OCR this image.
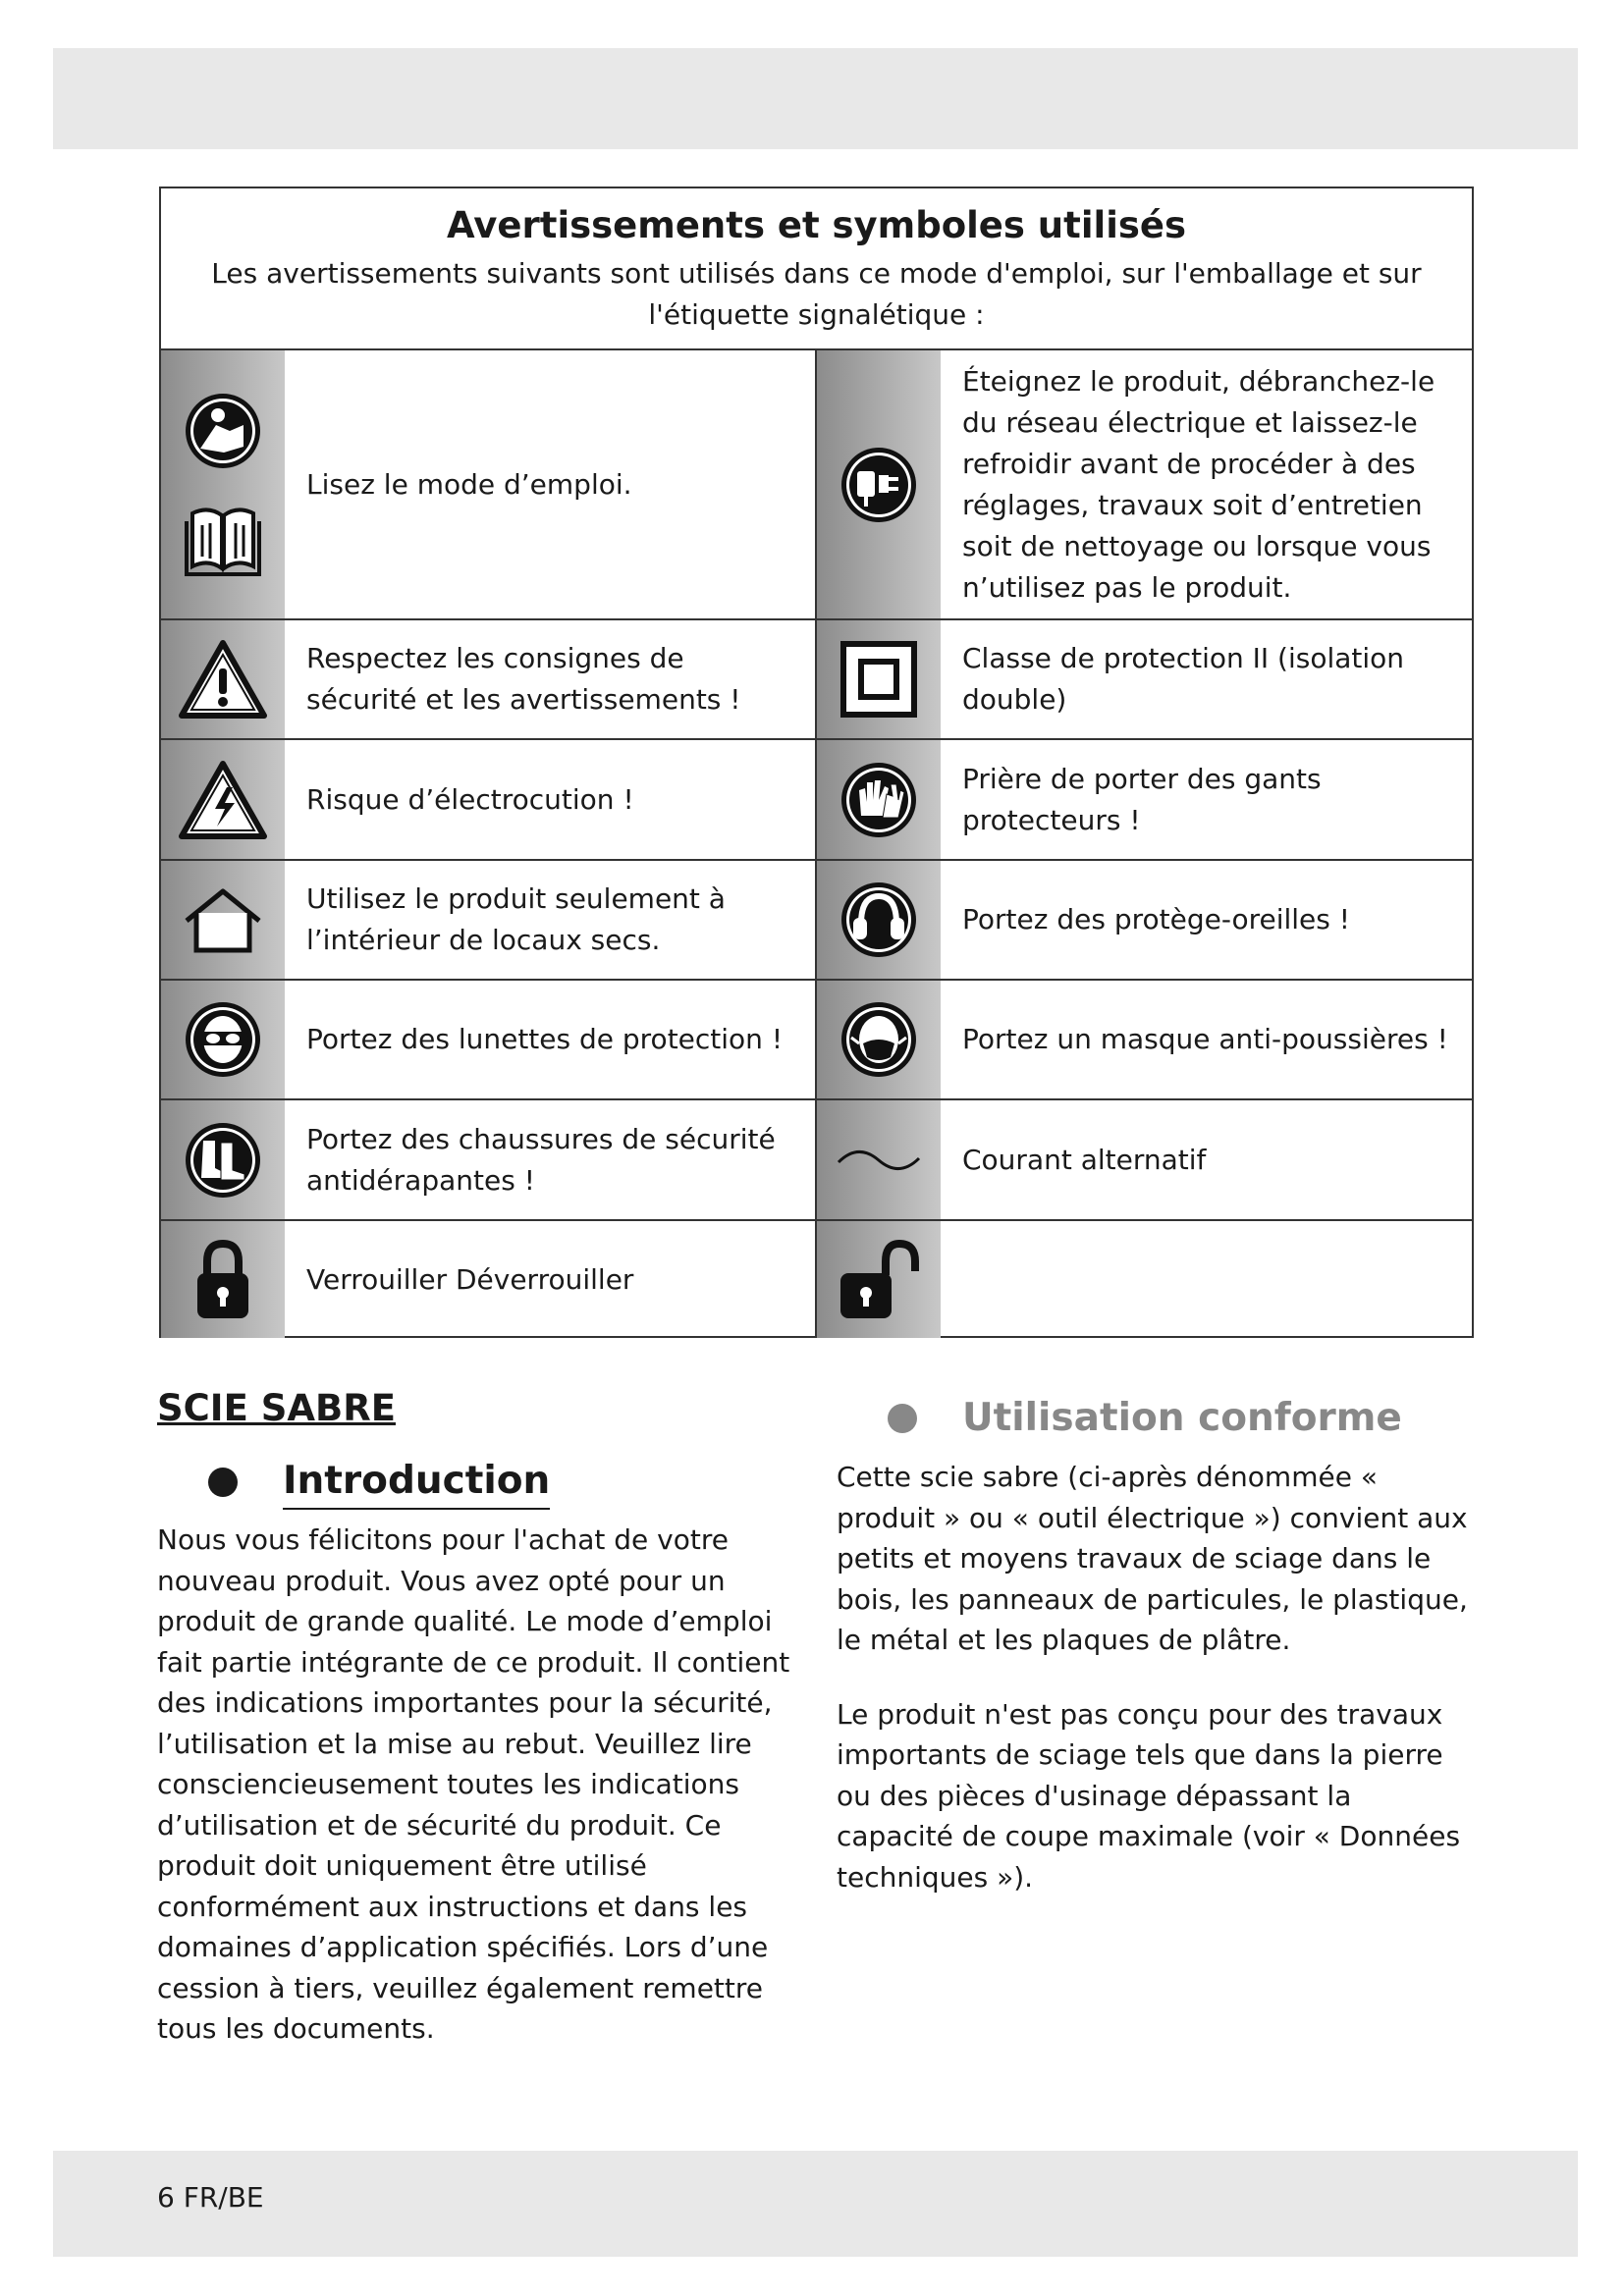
Avertissements et symboles utilisés
Les avertissements suivants sont utilisés dans ce mode d'emploi, sur l'emballage et sur l'étiquette signalétique :
Lisez le mode d’emploi.
Éteignez le produit, débranchez-le du réseau électrique et laissez-le refroidir avant de procéder à des réglages, travaux soit d’entretien soit de nettoyage ou lorsque vous n’utilisez pas le produit.
Respectez les consignes de sécurité et les avertissements !
Classe de protection II (isolation double)
Risque d’électrocution !
Prière de porter des gants protecteurs !
Utilisez le produit seulement à l’intérieur de locaux secs.
Portez des protège-oreilles !
Portez des lunettes de protection !	Portez un masque anti-poussières !
Portez des chaussures de sécurité antidérapantes !
Courant alternatif
Verrouiller Déverrouiller
SCIE SABRE
Introduction

Nous vous félicitons pour l'achat de votre nouveau produit. Vous avez opté pour un produit de grande qualité. Le mode d’emploi fait partie intégrante de ce produit. Il contient des indications importantes pour la sécurité, l’utilisation et la mise au rebut. Veuillez lire consciencieusement toutes les indications d’utilisation et de sécurité du produit. Ce produit doit uniquement être utilisé conformément aux instructions et dans les domaines d’application spécifiés. Lors d’une cession à tiers, veuillez également remettre tous les documents.

Utilisation conforme

Cette scie sabre (ci-après dénommée « produit » ou « outil électrique ») convient aux petits et moyens travaux de sciage dans le bois, les panneaux de particules, le plastique, le métal et les plaques de plâtre.

Le produit n'est pas conçu pour des travaux importants de sciage tels que dans la pierre ou des pièces d'usinage dépassant la capacité de coupe maximale (voir « Données techniques »).

6 FR/BE
